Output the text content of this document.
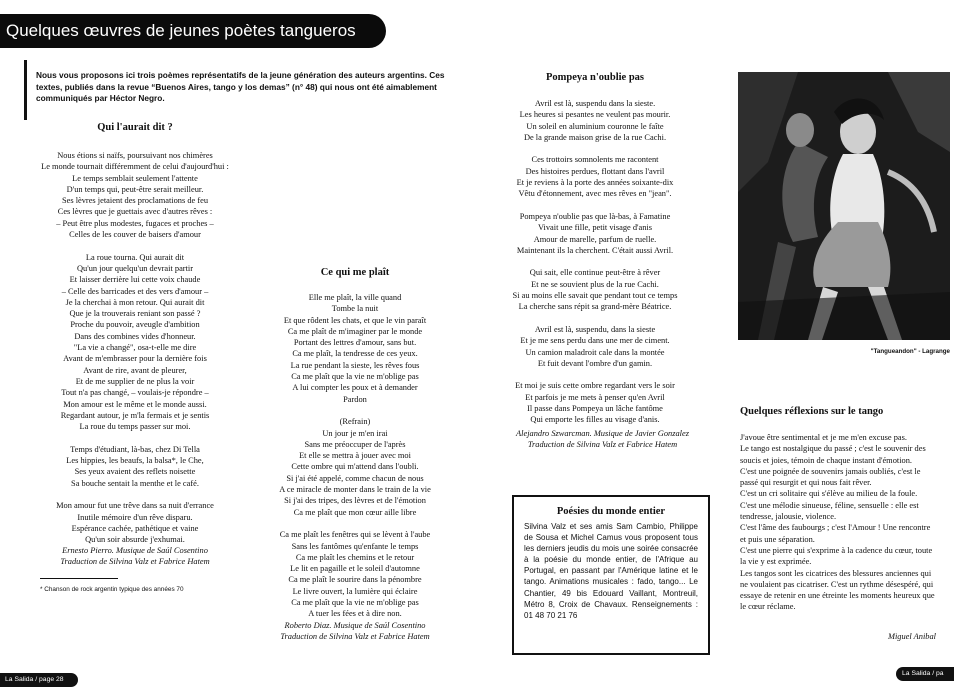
Quelques œuvres de jeunes poètes tangueros
Nous vous proposons ici trois poèmes représentatifs de la jeune génération des auteurs argentins. Ces textes, publiés dans la revue “Buenos Aires, tango y los demas” (n° 48) qui nous ont été aimablement communiqués par Héctor Negro.
Qui l'aurait dit ?

Nous étions si naïfs, poursuivant nos chimères

Le monde tournait différemment de celui d'aujourd'hui :

Le temps semblait seulement l'attente

D'un temps qui, peut-être serait meilleur.

Ses lèvres jetaient des proclamations de feu

Ces lèvres que je guettais avec d'autres rêves :

– Peut être plus modestes, fugaces et proches –

Celles de les couver de baisers d'amour

La roue tourna. Qui aurait dit

Qu'un jour quelqu'un devrait partir

Et laisser derrière lui cette voix chaude

– Celle des barricades et des vers d'amour –

Je la cherchai à mon retour. Qui aurait dit

Que je la trouverais reniant son passé ?

Proche du pouvoir, aveugle d'ambition

Dans des combines vides d'honneur.

"La vie a changé", osa-t-elle me dire

Avant de m'embrasser pour la dernière fois

Avant de rire, avant de pleurer,

Et de me supplier de ne plus la voir

Tout n'a pas changé, – voulais-je répondre –

Mon amour est le même et le monde aussi.

Regardant autour, je m'la fermais et je sentis

La roue du temps passer sur moi.

Temps d'étudiant, là-bas, chez Di Tella

Les hippies, les beaufs, la balsa*, le Che,

Ses yeux avaient des reflets noisette

Sa bouche sentait la menthe et le café.

Mon amour fut une trêve dans sa nuit d'errance

Inutile mémoire d'un rêve disparu.

Espérance cachée, pathétique et vaine

Qu'un soir absurde j'exhumai.

Ernesto Pierro. Musique de Saúl Cosentino

Traduction de Silvina Valz et Fabrice Hatem

* Chanson de rock argentin typique des années 70
Ce qui me plaît

Elle me plaît, la ville quand

Tombe la nuit

Et que rôdent les chats, et que le vin paraît

Ca me plaît de m'imaginer par le monde

Portant des lettres d'amour, sans but.

Ca me plaît, la tendresse de ces yeux.

La rue pendant la sieste, les rêves fous

Ca me plaît que la vie ne m'oblige pas

A lui compter les poux et à demander

Pardon

(Refrain)

Un jour je m'en irai

Sans me préoccuper de l'après

Et elle se mettra à jouer avec moi

Cette ombre qui m'attend dans l'oubli.

Si j'ai été appelé, comme chacun de nous

A ce miracle de monter dans le train de la vie

Si j'ai des tripes, des lèvres et de l'émotion

Ca me plaît que mon cœur aille libre

Ca me plaît les fenêtres qui se lèvent à l'aube

Sans les fantômes qu'enfante le temps

Ca me plaît les chemins et le retour

Le lit en pagaille et le soleil d'automne

Ca me plaît le sourire dans la pénombre

Le livre ouvert, la lumière qui éclaire

Ca me plaît que la vie ne m'oblige pas

A tuer les fées et à dire non.

Roberto Diaz. Musique de Saúl Cosentino

Traduction de Silvina Valz et Fabrice Hatem

Pompeya n'oublie pas

Avril est là, suspendu dans la sieste.

Les heures si pesantes ne veulent pas mourir.

Un soleil en aluminium couronne le faîte

De la grande maison grise de la rue Cachi.

Ces trottoirs somnolents me racontent

Des histoires perdues, flottant dans l'avril

Et je reviens à la porte des années soixante-dix

Vêtu d'étonnement, avec mes rêves en "jean".

Pompeya n'oublie pas que là-bas, à Famatine

Vivait une fille, petit visage d'anis

Amour de marelle, parfum de ruelle.

Maintenant ils la cherchent. C'était aussi Avril.

Qui sait, elle continue peut-être à rêver

Et ne se souvient plus de la rue Cachi.

Si au moins elle savait que pendant tout ce temps

La cherche sans répit sa grand-mère Béatrice.

Avril est là, suspendu, dans la sieste

Et je me sens perdu dans une mer de ciment.

Un camion maladroit cale dans la montée

Et fuit devant l'ombre d'un gamin.

Et moi je suis cette ombre regardant vers le soir

Et parfois je me mets à penser qu'en Avril

Il passe dans Pompeya un lâche fantôme

Qui emporte les filles au visage d'anis.

Alejandro Szwarcman. Musique de Javier Gonzalez

Traduction de Silvina Valz et Fabrice Hatem

Poésies du monde entier
Silvina Valz et ses amis Sam Cambio, Philippe de Sousa et Michel Camus vous proposent tous les derniers jeudis du mois une soirée consacrée à la poésie du monde entier, de l'Afrique au Portugal, en passant par l'Amérique latine et le tango. Animations musicales : fado, tango... Le Chantier, 49 bis Edouard Vaillant, Montreuil, Métro 8, Croix de Chavaux. Renseignements : 01 48 70 21 76
"Tangueandon" - Lagrange
Quelques réflexions sur le tango

J'avoue être sentimental et je me m'en excuse pas.

Le tango est nostalgique du passé ; c'est le souvenir des soucis et joies, témoin de chaque instant d'émotion.

C'est une poignée de souvenirs jamais oubliés, c'est le passé qui resurgit et qui nous fait rêver.

C'est un cri solitaire qui s'élève au milieu de la foule.

C'est une mélodie sinueuse, féline, sensuelle : elle est tendresse, jalousie, violence.

C'est l'âme des faubourgs ; c'est l'Amour ! Une rencontre et puis une séparation.

C'est une pierre qui s'exprime à la cadence du cœur, toute la vie y est exprimée.

Les tangos sont les cicatrices des blessures anciennes qui ne voulaient pas cicatriser. C'est un rythme désespéré, qui essaye de retenir en une étreinte les moments heureux que le cœur réclame.

Miguel Anibal
La Salida / page 28
La Salida / pa
